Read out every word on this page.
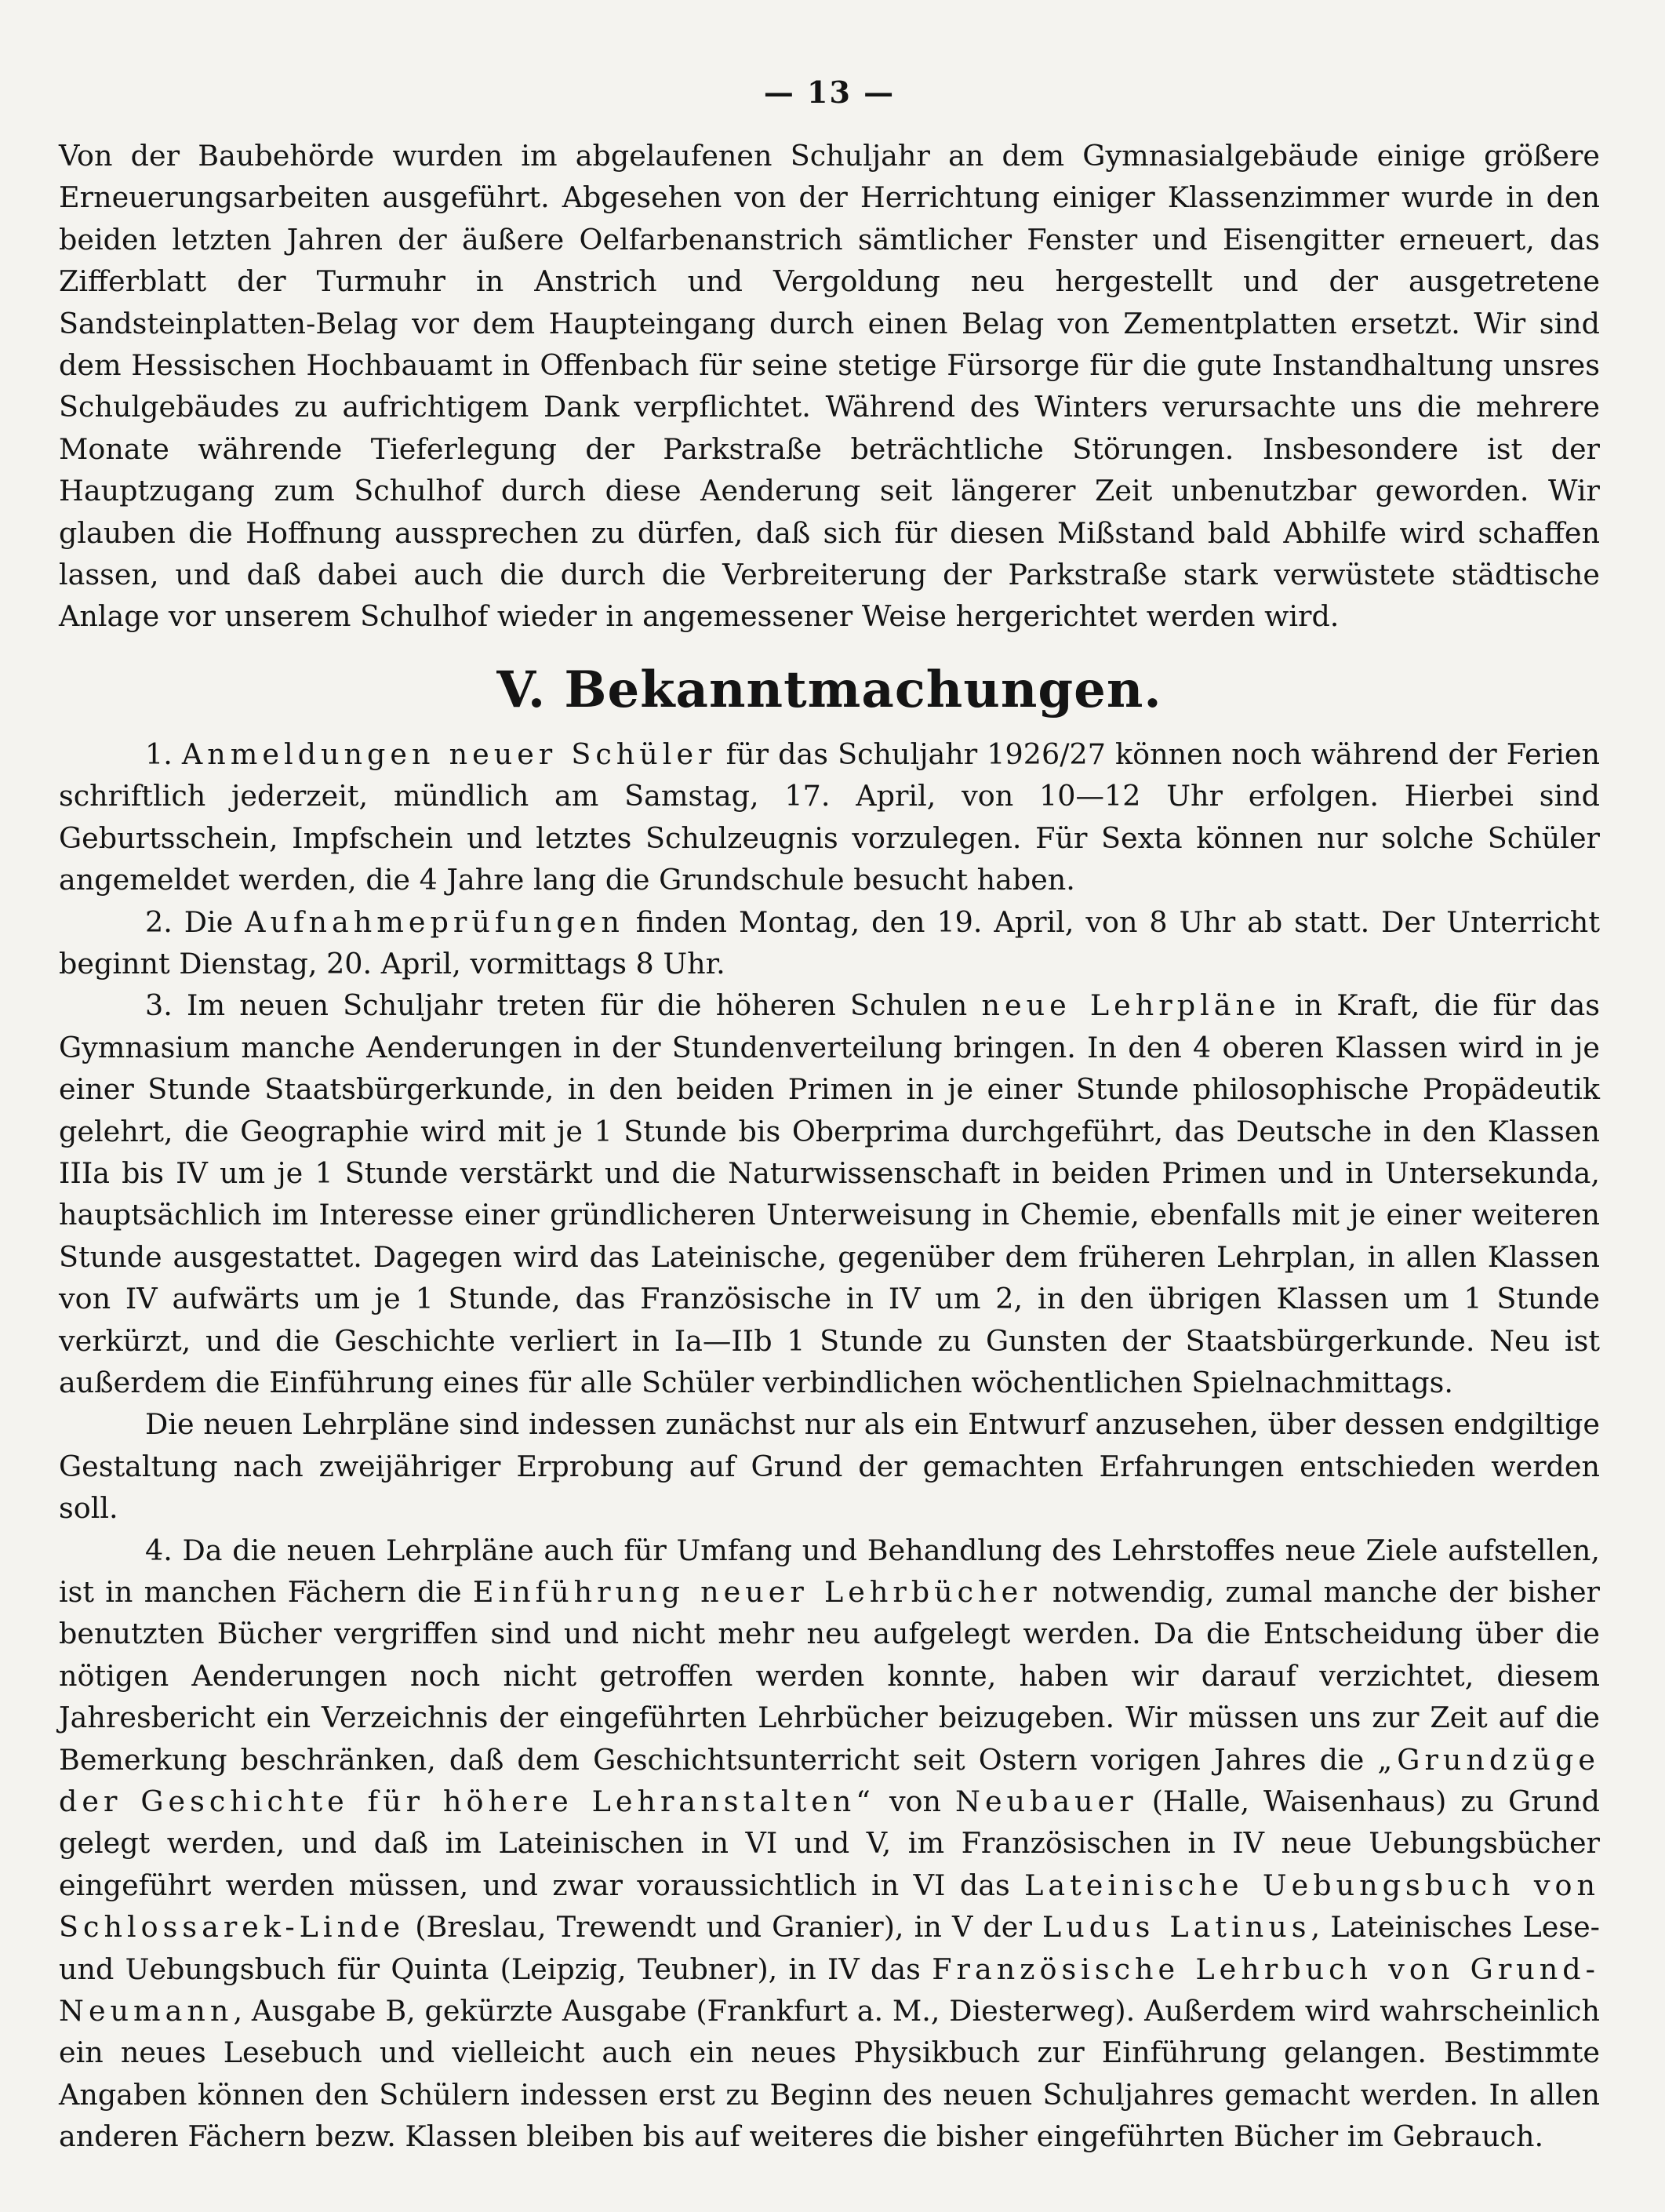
— 13 —

Von der Baubehörde wurden im abgelaufenen Schuljahr an dem Gymnasialgebäude einige größere Erneuerungsarbeiten ausgeführt. Abgesehen von der Herrichtung einiger Klassenzimmer wurde in den beiden letzten Jahren der äußere Oelfarbenanstrich sämtlicher Fenster und Eisengitter erneuert, das Zifferblatt der Turmuhr in Anstrich und Vergoldung neu hergestellt und der ausgetretene Sandsteinplatten-Belag vor dem Haupteingang durch einen Belag von Zementplatten ersetzt. Wir sind dem Hessischen Hochbauamt in Offenbach für seine stetige Fürsorge für die gute Instandhaltung unsres Schulgebäudes zu aufrichtigem Dank verpflichtet. Während des Winters verursachte uns die mehrere Monate währende Tieferlegung der Parkstraße beträchtliche Störungen. Insbesondere ist der Hauptzugang zum Schulhof durch diese Aenderung seit längerer Zeit unbenutzbar geworden. Wir glauben die Hoffnung aussprechen zu dürfen, daß sich für diesen Mißstand bald Abhilfe wird schaffen lassen, und daß dabei auch die durch die Verbreiterung der Parkstraße stark verwüstete städtische Anlage vor unserem Schulhof wieder in angemessener Weise hergerichtet werden wird.

V. Bekanntmachungen.

1. Anmeldungen neuer Schüler für das Schuljahr 1926/27 können noch während der Ferien schriftlich jederzeit, mündlich am Samstag, 17. April, von 10—12 Uhr erfolgen. Hierbei sind Geburtsschein, Impfschein und letztes Schulzeugnis vorzulegen. Für Sexta können nur solche Schüler angemeldet werden, die 4 Jahre lang die Grundschule besucht haben.

2. Die Aufnahmeprüfungen finden Montag, den 19. April, von 8 Uhr ab statt. Der Unterricht beginnt Dienstag, 20. April, vormittags 8 Uhr.

3. Im neuen Schuljahr treten für die höheren Schulen neue Lehrpläne in Kraft, die für das Gymnasium manche Aenderungen in der Stundenverteilung bringen. In den 4 oberen Klassen wird in je einer Stunde Staatsbürgerkunde, in den beiden Primen in je einer Stunde philosophische Propädeutik gelehrt, die Geographie wird mit je 1 Stunde bis Oberprima durchgeführt, das Deutsche in den Klassen IIIa bis IV um je 1 Stunde verstärkt und die Naturwissenschaft in beiden Primen und in Untersekunda, hauptsächlich im Interesse einer gründlicheren Unterweisung in Chemie, ebenfalls mit je einer weiteren Stunde ausgestattet. Dagegen wird das Lateinische, gegenüber dem früheren Lehrplan, in allen Klassen von IV aufwärts um je 1 Stunde, das Französische in IV um 2, in den übrigen Klassen um 1 Stunde verkürzt, und die Geschichte verliert in Ia—IIb 1 Stunde zu Gunsten der Staatsbürgerkunde. Neu ist außerdem die Einführung eines für alle Schüler verbindlichen wöchentlichen Spielnachmittags.

Die neuen Lehrpläne sind indessen zunächst nur als ein Entwurf anzusehen, über dessen endgiltige Gestaltung nach zweijähriger Erprobung auf Grund der gemachten Erfahrungen entschieden werden soll.

4. Da die neuen Lehrpläne auch für Umfang und Behandlung des Lehrstoffes neue Ziele aufstellen, ist in manchen Fächern die Einführung neuer Lehrbücher notwendig, zumal manche der bisher benutzten Bücher vergriffen sind und nicht mehr neu aufgelegt werden. Da die Entscheidung über die nötigen Aenderungen noch nicht getroffen werden konnte, haben wir darauf verzichtet, diesem Jahresbericht ein Verzeichnis der eingeführten Lehrbücher beizugeben. Wir müssen uns zur Zeit auf die Bemerkung beschränken, daß dem Geschichtsunterricht seit Ostern vorigen Jahres die „Grundzüge der Geschichte für höhere Lehranstalten“ von Neubauer (Halle, Waisenhaus) zu Grund gelegt werden, und daß im Lateinischen in VI und V, im Französischen in IV neue Uebungsbücher eingeführt werden müssen, und zwar voraussichtlich in VI das Lateinische Uebungsbuch von Schlossarek-Linde (Breslau, Trewendt und Granier), in V der Ludus Latinus, Lateinisches Lese- und Uebungsbuch für Quinta (Leipzig, Teubner), in IV das Französische Lehrbuch von Grund-Neumann, Ausgabe B, gekürzte Ausgabe (Frankfurt a. M., Diesterweg). Außerdem wird wahrscheinlich ein neues Lesebuch und vielleicht auch ein neues Physikbuch zur Einführung gelangen. Bestimmte Angaben können den Schülern indessen erst zu Beginn des neuen Schuljahres gemacht werden. In allen anderen Fächern bezw. Klassen bleiben bis auf weiteres die bisher eingeführten Bücher im Gebrauch.
